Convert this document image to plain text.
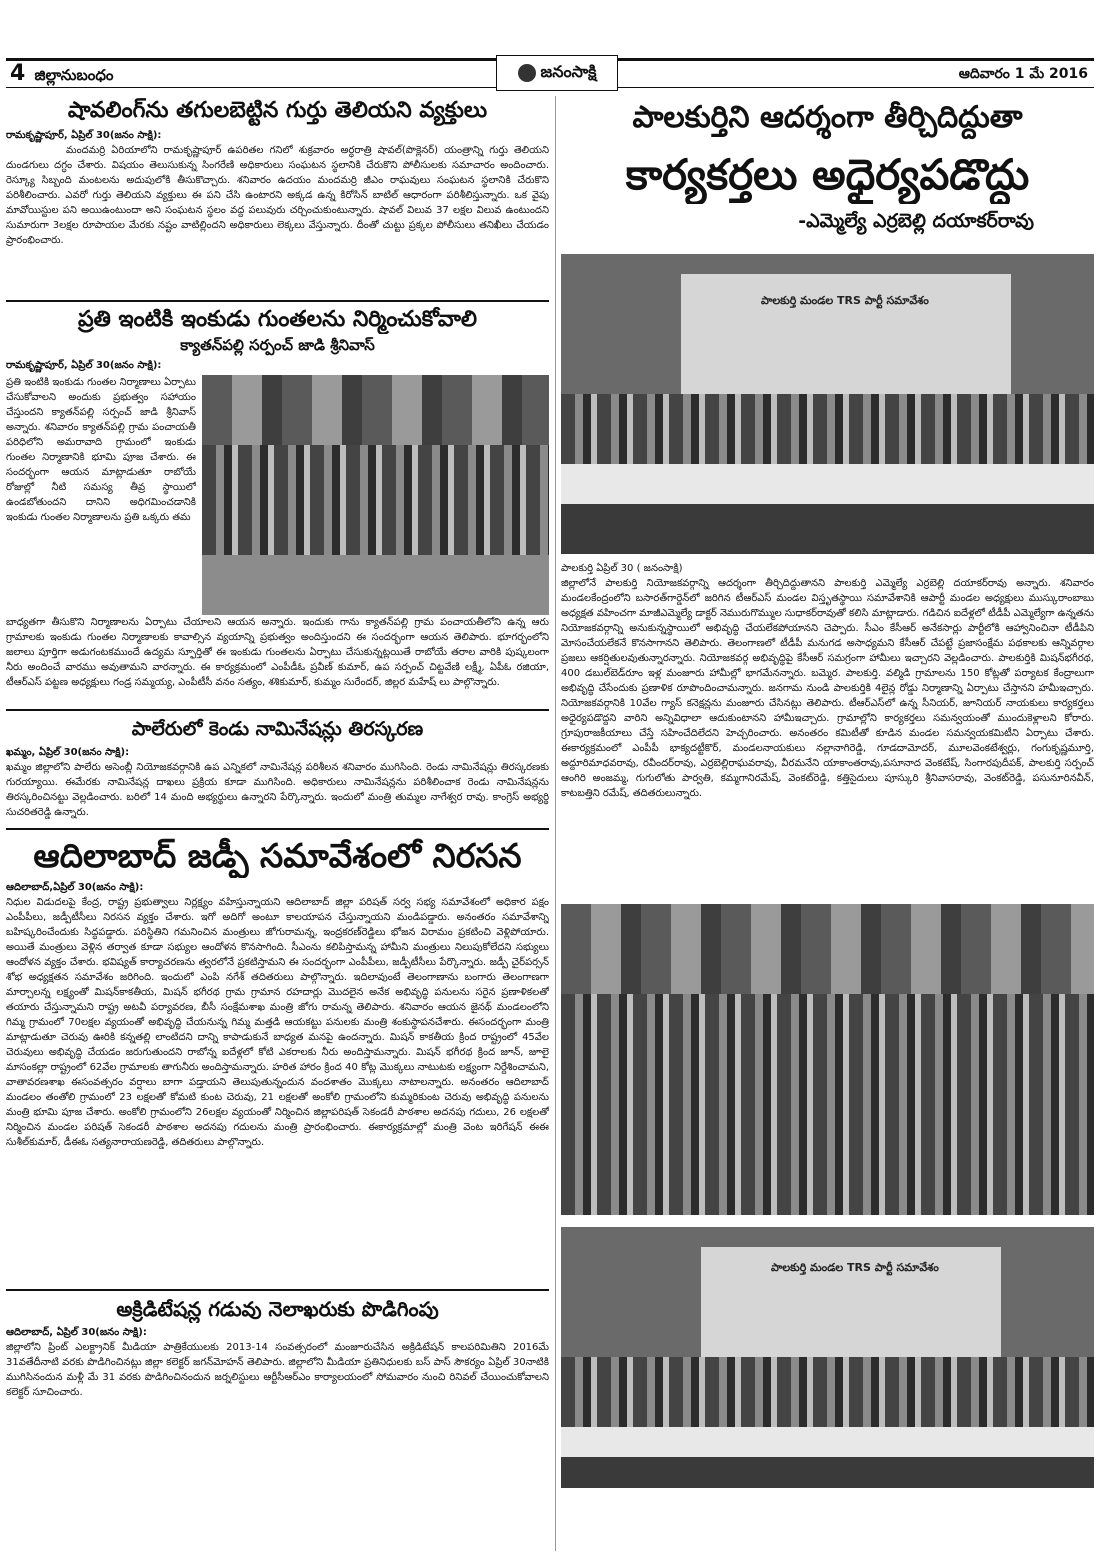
4 జిల్లానుబంధం	జనంసాక్షి	ఆదివారం 1 మే 2016
షావలింగ్‌ను తగులబెట్టిన గుర్తు తెలియని వ్యక్తులు
రామకృష్ణాపూర్, ఏప్రిల్ 30(జనం సాక్షి):
మందమర్రి ఏరియాలోని రామకృష్ణాపూర్ ఉపరితల గనిలో శుక్రవారం అర్ధరాత్రి షావల్(పొక్లెనర్) యంత్రాన్ని గుర్తు తెలియని దుండగులు దగ్ధం చేశారు. విషయం తెలుసుకున్న సింగరేణి అధికారులు సంఘటన స్థలానికి చేరుకొని పోలీసులకు సమాచారం అందించారు. రెస్క్యూ సిబ్బంది మంటలను అదుపులోకి తీసుకొచ్చారు. శనివారం ఉదయం మందమర్రి జీఎం రాఘవులు సంఘటన స్థలానికి చేరుకొని పరిశీలించారు. ఎవరో గుర్తు తెలియని వ్యక్తులు ఈ పని చేసి ఉంటారని అక్కడ ఉన్న కిరోసిన్ బాటిల్ ఆధారంగా పరిశీలిస్తున్నారు. ఒక వైపు మావోయిస్టుల పని అయిఉంటుందా అని సంఘటన స్థలం వద్ద పలువురు చర్చించుకుంటున్నారు. షావల్ విలువ 37 లక్షల విలువ ఉంటుందని సుమారుగా 3లక్షల రూపాయల మేరకు నష్టం వాటిల్లిందని అధికారులు లెక్కలు వేస్తున్నారు. దీంతో చుట్టు ప్రక్కల పోలీసులు తనిఖీలు చేయడం ప్రారంభించారు.
ప్రతి ఇంటికి ఇంకుడు గుంతలను నిర్మించుకోవాలి
క్యాతన్‌పల్లి సర్పంచ్ జాడి శ్రీనివాస్
రామకృష్ణాపూర్, ఏప్రిల్ 30(జనం సాక్షి):
ప్రతి ఇంటికి ఇంకుడు గుంతల నిర్మాణాలు ఏర్పాటు చేసుకోవాలని అందుకు ప్రభుత్వం సహాయం చేస్తుందని క్యాతన్‌పల్లి సర్పంచ్ జాడి శ్రీనివాస్ అన్నారు. శనివారం క్యాతన్‌పల్లి గ్రామ పంచాయతీ పరిధిలోని అమరావాది గ్రామంలో ఇంకుడు గుంతల నిర్మాణానికి భూమి పూజ చేశారు. ఈ సందర్భంగా ఆయన మాట్లాడుతూ రాబోయే రోజుల్లో నీటి సమస్య తీవ్ర స్థాయిలో ఉండబోతుందని దానిని అధిగమించడానికి ఇంకుడు గుంతల నిర్మాణాలను ప్రతి ఒక్కరు తమ
బాధ్యతగా తీసుకొని నిర్మాణాలను ఏర్పాటు చేయాలని ఆయన అన్నారు. ఇందుకు గాను క్యాతన్‌పల్లి గ్రామ పంచాయతీలోని ఉన్న ఆరు గ్రామాలకు ఇంకుడు గుంతల నిర్మాణాలకు కావాల్సిన వ్యయాన్ని ప్రభుత్వం అందిస్తుందని ఈ సందర్భంగా ఆయన తెలిపారు. భూగర్భంలోని జలాలు పూర్తిగా అడుగంటకముందే ఉద్యమ స్ఫూర్తితో ఈ ఇంకుడు గుంతలను ఏర్పాటు చేసుకున్నట్లయితే రాబోయే తరాల వారికి పుష్కలంగా నీరు అందించే వారము అవుతామని వారన్నారు. ఈ కార్యక్రమంలో ఎంపీడీఓ ప్రవీణ్ కుమార్, ఉప సర్పంచ్ చిట్టవేణి లక్ష్మీ, ఏపీఓ రజియా, టీఆర్ఎస్ పట్టణ అధ్యక్షులు గండ్ర సమ్మయ్య, ఎంపీటీసీ వనం సత్యం, శశికుమార్, కుమ్మం సురేందర్, జిల్లర మహేష్ లు పాల్గొన్నారు.
పాలేరులో కెండు నామినేషన్లు తిరస్కరణ
ఖమ్మం, ఏప్రిల్ 30(జనం సాక్షి):
ఖమ్మం జిల్లాలోని పాలేరు అసెంబ్లీ నియోజకవర్గానికి ఉప ఎన్నికలో నామినేషన్ల పరిశీలన శనివారం ముగిసింది. రెండు నామినేషన్లు తిరస్కరణకు గురయ్యాయి. ఈమేరకు నామినేషన్ల దాఖలు ప్రక్రియ కూడా ముగిసింది. అధికారులు నామినేషన్లను పరిశీలించాక రెండు నామినేషన్లను తిరస్కరించినట్టు వెల్లడించారు. బరిలో 14 మంది అభ్యర్థులు ఉన్నారని పేర్కొన్నారు. ఇందులో మంత్రి తుమ్మల నాగేశ్వర రావు. కాంగ్రెస్ అభ్యర్థి సుచరితరెడ్డి ఉన్నారు.
ఆదిలాబాద్ జడ్పీ సమావేశంలో నిరసన
ఆదిలాబాద్,ఏప్రిల్ 30(జనం సాక్షి):
నిధుల విడుదలపై కేంద్ర, రాష్ట్ర ప్రభుత్వాలు నిర్లక్ష్యం వహిస్తున్నాయని ఆదిలాబాద్ జిల్లా పరిషత్ సర్వ సభ్య సమావేశంలో అధికార పక్షం ఎంపీపీలు, జడ్పీటీసీలు నిరసన వ్యక్తం చేశారు. ఇగో అదిగో అంటూ కాలయాపన చేస్తున్నాయని మండిపడ్డారు. అనంతరం సమావేశాన్ని బహిష్కరించేందుకు సిద్ధపడ్డారు. పరిస్థితిని గమనించిన మంత్రులు జోగురామన్న, ఇంద్రకరణ్‌రెడ్డిలు భోజన విరామం ప్రకటించి వెళ్లిపోయారు. అయితే మంత్రులు వెళ్లిన తర్వాత కూడా సభ్యుల ఆందోళన కొనసాగింది. సీఎంను కలిపిస్తామన్న హామీని మంత్రులు నిలుపుకోలేదని సభ్యులు ఆందోళన వ్యక్తం చేశారు. భవిష్యత్ కార్యాచరణను త్వరలోనే ప్రకటిస్తామని ఈ సందర్భంగా ఎంపీపీలు, జడ్పీటీసీలు పేర్కొన్నారు. జడ్పీ చైర్‌పర్సన్ శోభ అధ్యక్షతన సమావేశం జరిగింది. ఇందులో ఎంపి నగేశ్ తదితరులు పాల్గొన్నారు. ఇదిలావుంటే తెలంగాణాను బంగారు తెలంగాణగా మార్చాలన్న లక్ష్యంతో మిషన్‌కాకతీయ, మిషన్ భగీరథ గ్రామ గ్రామాన రహదార్లు మొదలైన అనేక అభివృద్ధి పనులను సరైన ప్రణాళికలతో తయారు చేస్తున్నామని రాష్ట్ర అటవీ పర్యావరణ, బీసీ సంక్షేమశాఖ మంత్రి జోగు రామన్న తెలిపారు. శనివారం ఆయన జైనథ్ మండలంలోని గిమ్మ గ్రామంలో 70లక్షల వ్యయంతో అభివృద్ధి చేయనున్న గిమ్మ మత్తడి ఆయకట్టు పనులకు మంత్రి శంకుస్థాపనచేశారు. ఈసందర్భంగా మంత్రి మాట్లాడుతూ చెరువు ఊరికి కన్నతల్లి లాంటిదని దాన్ని కాపాడుకునే బాధ్యత మనపై ఉందన్నారు. మిషన్ కాకతీయ క్రింద రాష్ట్రంలో 45వేల చెరువులు అభివృద్ధి చేయడం జరుగుతుందని రాబోన్న ఐదేళ్లలో కోటి ఎకరాలకు నీరు అందిస్తామన్నారు. మిషన్ భగీరథ క్రింద జూన్, జూలై మాసంకల్లా రాష్ట్రంలో 62వేల గ్రామాలకు తాగునీరు అందిస్తామన్నారు. హరిత హారం క్రింద 40 కోట్ల మొక్కలు నాటుటకు లక్ష్యంగా నిర్దేశించామని, వాతావరణశాఖ ఈసంవత్సరం వర్షాలు బాగా పడ్తాయని తెలుపుతున్నందున వందశాతం మొక్కలు నాటాలన్నారు. అనంతరం ఆదిలాబాద్ మండలం తంతోలి గ్రామంలో 23 లక్షలతో కోమటి కుంట చెరువు, 21 లక్షలతో అంకోలి గ్రామంలోని కుమ్మరికుంట చెరువు అభివృద్ధి పనులను మంత్రి భూమి పూజ చేశారు. అంకోలి గ్రామంలోని 26లక్షల వ్యయంతో నిర్మించిన జిల్లాపరిషత్ సెకండరీ పాఠశాల అదనపు గదులు, 26 లక్షలతో నిర్మించిన మండల పరిషత్ సెకండరీ పాఠశాల అదనపు గదులను మంత్రి ప్రారంభించారు. ఈకార్యక్రమాల్లో మంత్రి వెంట ఇరిగేషన్ ఈఈ సుశీల్‌కుమార్, డీఈఓ సత్యనారాయణరెడ్డి, తదితరులు పాల్గొన్నారు.
అక్రిడిటేషన్ల గడువు నెలాఖరుకు పొడిగింపు
ఆదిలాబాద్, ఏప్రిల్ 30(జనం సాక్షి):
జిల్లాలోని ప్రింట్ ఎలక్ట్రానిక్ మీడియా పాత్రికేయులకు 2013-14 సంవత్సరంలో మంజూరుచేసిన అక్రిడిటేషన్ కాలపరిమితిని 2016మే 31వతేదీనాటి వరకు పొడిగించినట్లు జిల్లా కలెక్టర్ జగన్‌మోహన్ తెలిపారు. జిల్లాలోని మీడియా ప్రతినిధులకు బస్ పాస్ సౌకర్యం ఏప్రిల్ 30నాటికి ముగిసినందున మళ్లీ మే 31 వరకు పొడిగించినందున జర్నలిస్టులు ఆర్టీసీఆర్ఎం కార్యాలయంలో సోమవారం నుంచి రినివల్ చేయించుకోవాలని కలెక్టర్ సూచించారు.
పాలకుర్తిని ఆదర్శంగా తీర్చిదిద్దుతా
కార్యకర్తలు అధైర్యపడొద్దు
-ఎమ్మెల్యే ఎర్రబెల్లి దయాకర్‌రావు
పాలకుర్తి మండల TRS పార్టీ సమావేశం
పాలకుర్తి ఏప్రిల్ 30 ( జనంసాక్షి)
జిల్లాలోనే పాలకుర్తి నియోజకవర్గాన్ని ఆదర్శంగా తీర్చిదిద్దుతానని పాలకుర్తి ఎమ్మెల్యే ఎర్రబెల్లి దయాకర్‌రావు అన్నారు. శనివారం మండలకేంద్రంలోని బసారత్‌గార్డెన్‌లో జరిగిన టీఆర్ఎస్ మండల విస్తృతస్థాయి సమావేశానికి ఆపార్టీ మండల అధ్యక్షులు ముస్కురాంబాబు అధ్యక్షత వహించగా మాజీఎమ్మెల్యే డాక్టర్ నెమురుగొమ్ముల సుధాకర్‌రావుతో కలిసి మాట్లాడారు. గడిచిన ఐదేళ్లలో టీడీపీ ఎమ్మెల్యేగా ఉన్నతను నియోజకవర్గాన్ని అనుకున్నస్థాయిలో అభివృద్ధి చేయలేకపోయానని చెప్పారు. సీఎం కేసీఆర్ అనేకసార్లు పార్టీలోకి ఆహ్వానించినా టీడీపిని మోసంచేయలేకనే కొనసాగానని తెలిపారు. తెలంగాణలో టీడీపీ మనుగడ అసాధ్యమని కేసీఆర్ చేపట్టే ప్రజాసంక్షేమ పథకాలకు ఆన్నివర్గాల ప్రజలు ఆకర్షితులవుతున్నారన్నారు. నియోజకవర్గ అభివృద్ధిపై కేసీఆర్ సమగ్రంగా హామీలు ఇచ్చారని వెల్లడించారు. పాలకుర్తికి మిషన్‌భగీరథ, 400 డబుల్‌బెడ్‌రూం ఇళ్ల మంజూరు హామీల్లో భాగమేనన్నారు. బమ్మెర. పాలకుర్తి. వల్మిడి గ్రామాలను 150 కోట్లతో పర్యాటక కేంద్రాలుగా అభివృద్ధి చేసేందుకు ప్రణాళిక రూపొందించామన్నారు. జనగామ నుండి పాలకుర్తికి 4లైన్ల రోడ్డు నిర్మాణాన్ని ఏర్పాటు చేస్తానని హమీఇచ్చారు. నియోజకవర్గానికి 10వేల గ్యాస్ కనెక్షన్లను మంజూరు చేసినట్లు తెలిపారు. టీఆర్ఎస్‌లో ఉన్న సీనియర్, జూనియర్ నాయకులు కార్యకర్తలు అధైర్యపడొద్దని వారిని అన్నివిధాలా ఆదుకుంటానని హామీఇచ్చారు. గ్రామాల్లోని కార్యకర్తలు సమన్వయంతో ముందుకెళ్లాలని కోరారు. గ్రూపురాజకీయాలు చేస్తే సహించేదిలేదని హెచ్చరించారు. అనంతరం కమిటీతో కూడిన మండల సమన్వయకమిటీని ఏర్పాటు చేశారు. ఈకార్యక్రమంలో ఎంపీపీ భాక్యదట్టీకొర్, మండలనాయకులు నల్లానాగిరెడ్డి, గూడదామోదర్, మూలవెంకటేశ్వర్లు, గంగుకృష్ణమూర్తి, అద్దూరిమాధవరావు, రవీందర్‌రావు, ఎర్రబెల్లిరాఘవరావు, వీరమనేని యాకాంతరావు,పసూనాద వెంకటేష్, సింగారపుదీపక్, పాలకుర్తి సర్పంచ్ ఆంగిరి అంజమ్మ, గుగులోతు పార్వతి, కమ్మగానిరమేష్, వెంకట్‌రెడ్డి, కత్తిసైదులు పూస్కురి శ్రీనివాసరావు, వెంకట్‌రెడ్డి, పసునూరినవీన్, కాటబత్తిని రమేష్, తదితరులున్నారు.
పాలకుర్తి మండల TRS పార్టీ సమావేశం
